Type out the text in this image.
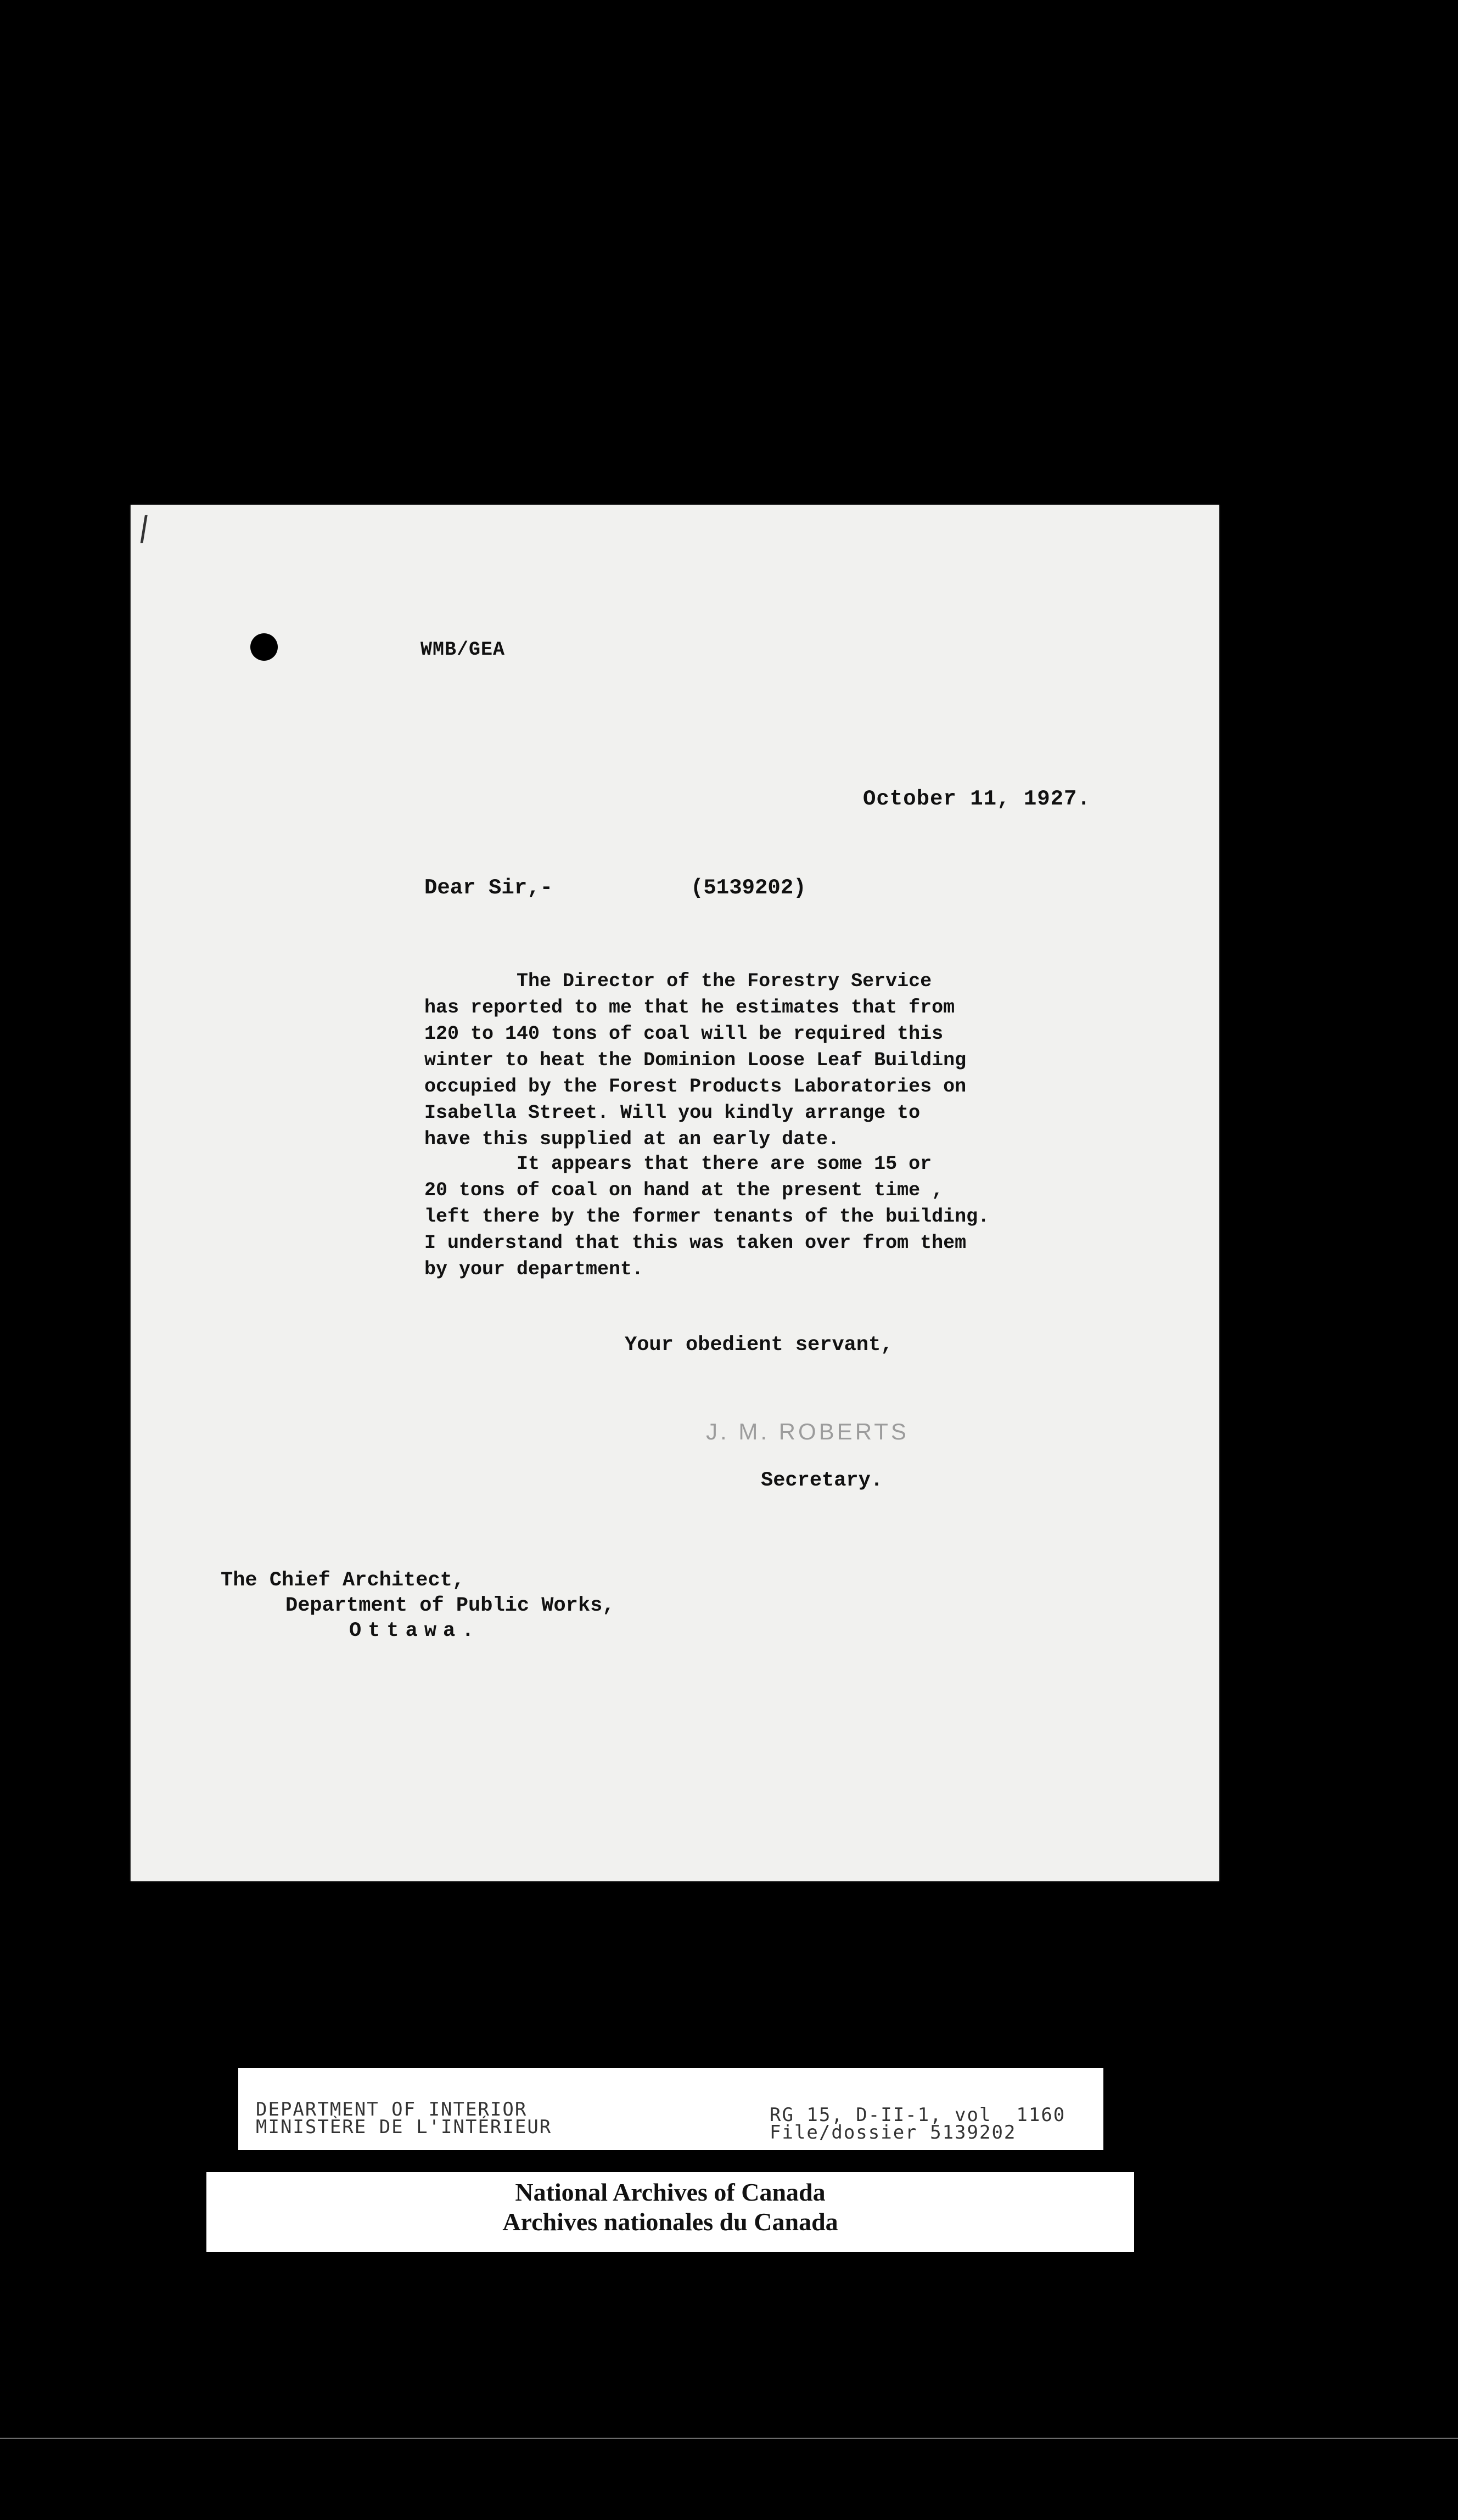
/
WMB/GEA
October 11, 1927.
Dear Sir,-	(5139202)
The Director of the Forestry Service
has reported to me that he estimates that from
120 to 140 tons of coal will be required this
winter to heat the Dominion Loose Leaf Building
occupied by the Forest Products Laboratories on
Isabella Street. Will you kindly arrange to
have this supplied at an early date.
It appears that there are some 15 or
20 tons of coal on hand at the present time ,
left there by the former tenants of the building.
I understand that this was taken over from them
by your department.
Your obedient servant,
J. M. ROBERTS
Secretary.
The Chief Architect,
Department of Public Works,
Ottawa.
DEPARTMENT OF INTERIOR
MINISTÈRE DE L'INTÉRIEUR
RG 15, D-II-1, vol  1160
File/dossier 5139202
National Archives of Canada
Archives nationales du Canada
